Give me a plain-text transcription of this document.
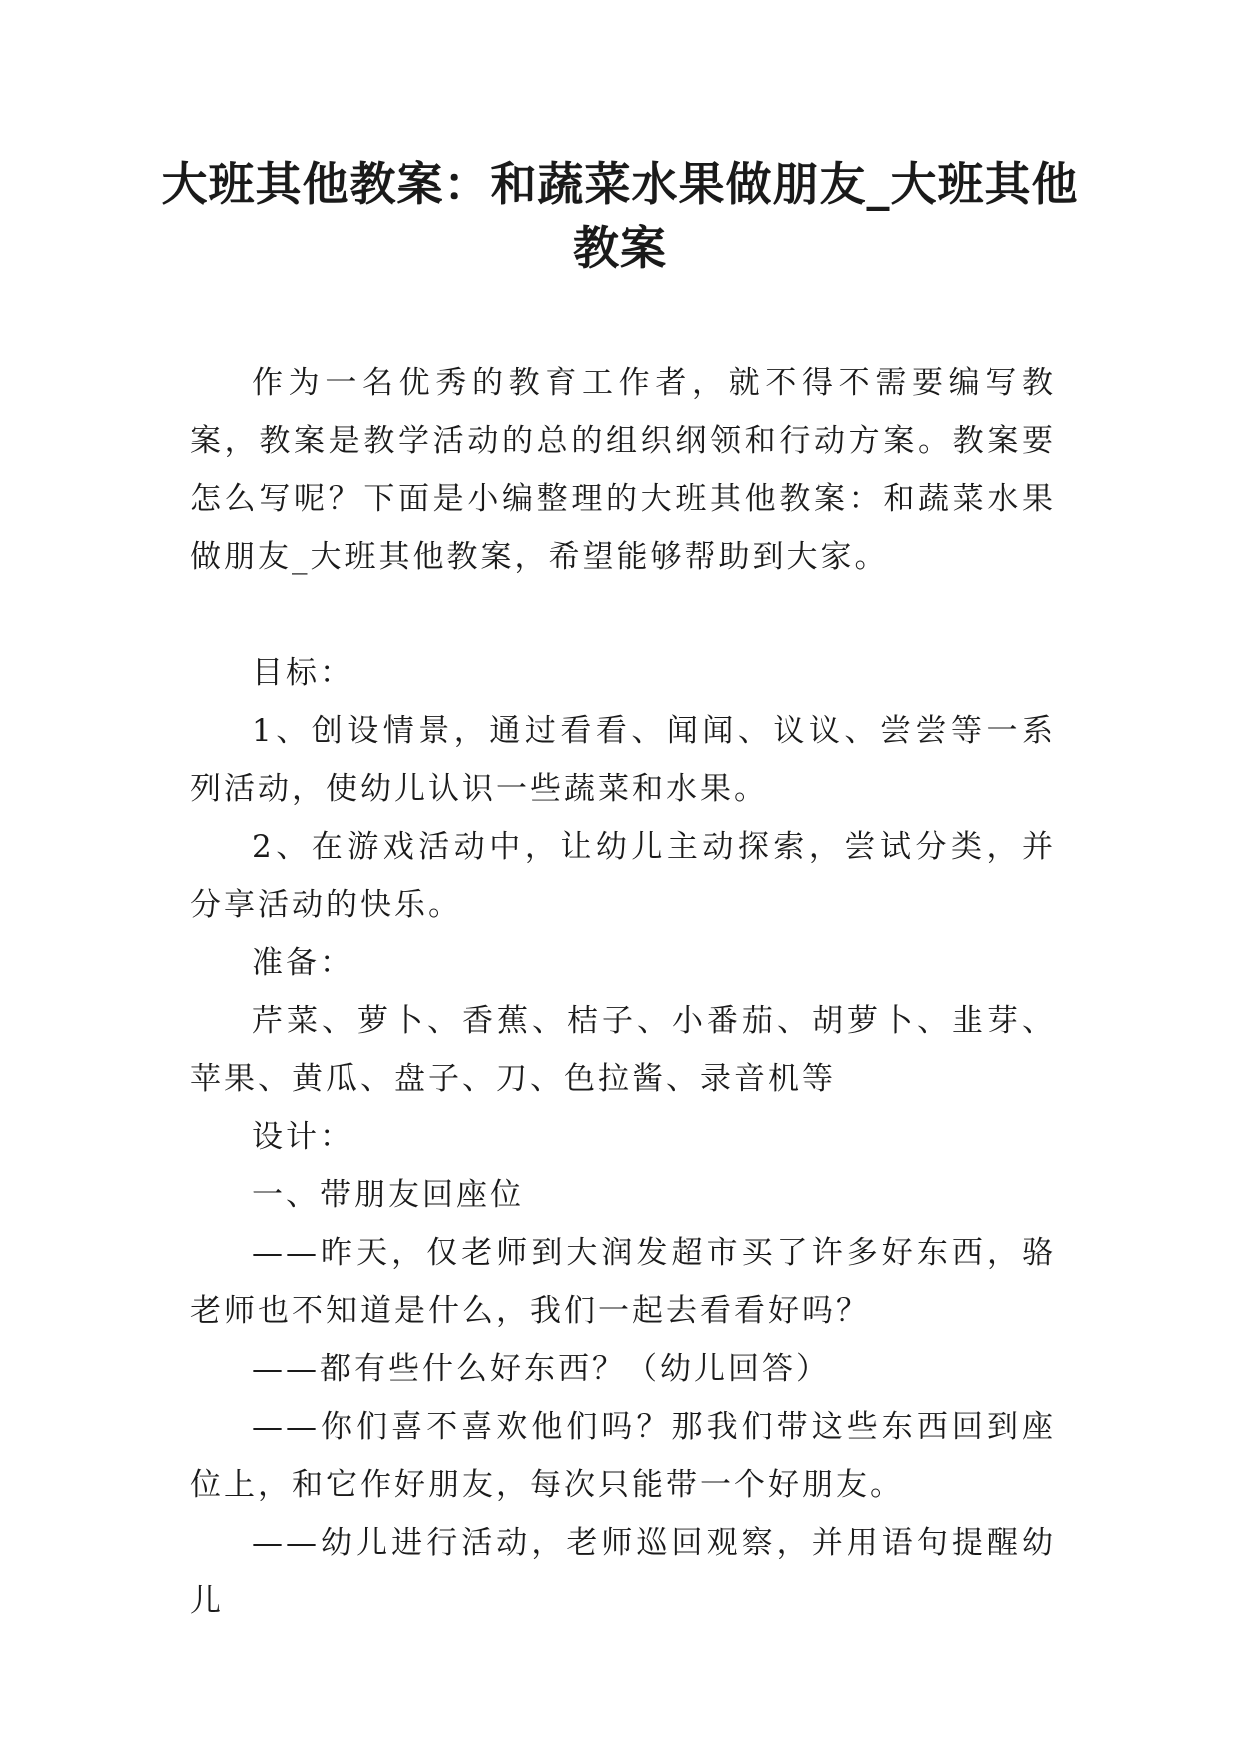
大班其他教案：和蔬菜水果做朋友_大班其他教案

作为一名优秀的教育工作者，就不得不需要编写教案，教案是教学活动的总的组织纲领和行动方案。教案要怎么写呢？下面是小编整理的大班其他教案：和蔬菜水果做朋友_大班其他教案，希望能够帮助到大家。

目标：

1、创设情景，通过看看、闻闻、议议、尝尝等一系列活动，使幼儿认识一些蔬菜和水果。

2、在游戏活动中，让幼儿主动探索，尝试分类，并分享活动的快乐。

准备：

芹菜、萝卜、香蕉、桔子、小番茄、胡萝卜、韭芽、苹果、黄瓜、盘子、刀、色拉酱、录音机等

设计：

一、带朋友回座位

——昨天，仅老师到大润发超市买了许多好东西，骆老师也不知道是什么，我们一起去看看好吗？

——都有些什么好东西？（幼儿回答）

——你们喜不喜欢他们吗？那我们带这些东西回到座位上，和它作好朋友，每次只能带一个好朋友。

——幼儿进行活动，老师巡回观察，并用语句提醒幼儿
